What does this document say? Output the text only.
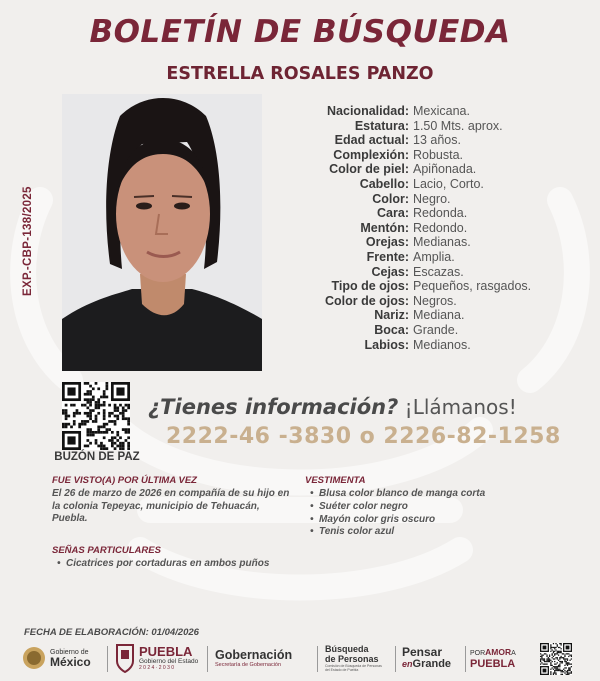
BOLETÍN DE BÚSQUEDA
ESTRELLA ROSALES PANZO
EXP.-CBP-138/2025
Nacionalidad: Mexicana.
Estatura: 1.50 Mts. aprox.
Edad actual: 13 años.
Complexión: Robusta.
Color de piel: Apiñonada.
Cabello: Lacio, Corto.
Color: Negro.
Cara: Redonda.
Mentón: Redondo.
Orejas: Medianas.
Frente: Amplia.
Cejas: Escazas.
Tipo de ojos: Pequeños, rasgados.
Color de ojos: Negros.
Nariz: Mediana.
Boca: Grande.
Labios: Medianos.
BUZÓN DE PAZ
¿Tienes información? ¡Llámanos!
2222-46 -3830 o 2226-82-1258
FUE VISTO(A) POR ÚLTIMA VEZ
El 26 de marzo de 2026 en compañía de su hijo en la colonia Tepeyac, municipio de Tehuacán, Puebla.
VESTIMENTA
• Blusa color blanco de manga corta
• Suéter color negro
• Mayón color gris oscuro
• Tenis color azul
SEÑAS PARTICULARES
• Cicatrices por cortaduras en ambos puños
FECHA DE ELABORACIÓN: 01/04/2026
Gobierno de
México
PUEBLA
Gobierno del Estado
2 0 2 4 · 2 0 3 0
Gobernación
Secretaría de Gobernación
Búsqueda
de Personas
Comisión de Búsqueda de Personas del Estado de Puebla
Pensar
enGrande
PORAMORA
PUEBLA
